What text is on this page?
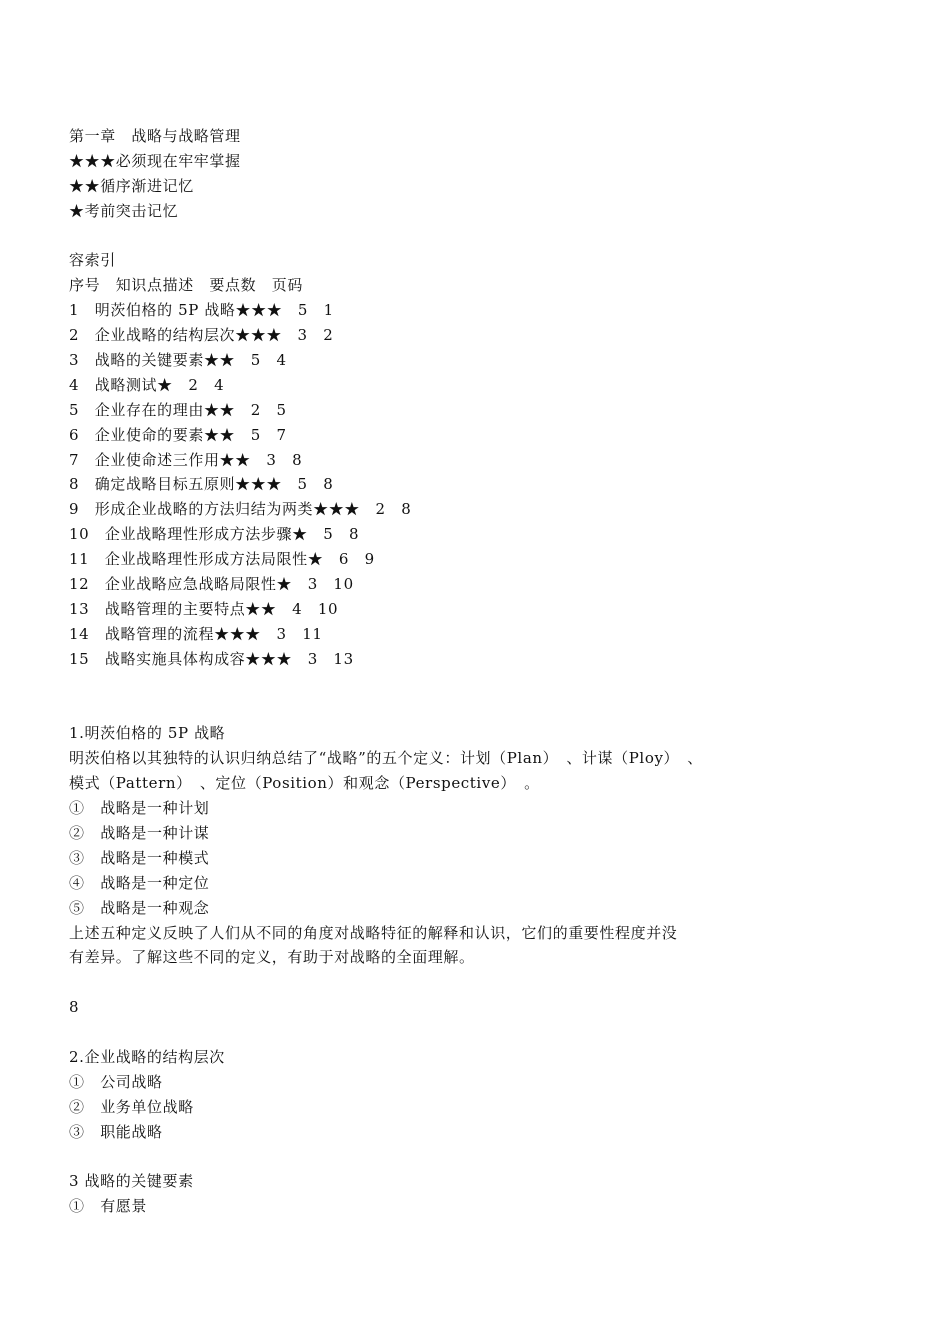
第一章　战略与战略管理
★★★必须现在牢牢掌握
★★循序渐进记忆
★考前突击记忆
容索引
序号　知识点描述　要点数　页码
1　明茨伯格的 5P 战略★★★　5　1
2　企业战略的结构层次★★★　3　2
3　战略的关键要素★★　5　4
4　战略测试★　2　4
5　企业存在的理由★★　2　5
6　企业使命的要素★★　5　7
7　企业使命述三作用★★　3　8
8　确定战略目标五原则★★★　5　8
9　形成企业战略的方法归结为两类★★★　2　8
10　企业战略理性形成方法步骤★　5　8
11　企业战略理性形成方法局限性★　6　9
12　企业战略应急战略局限性★　3　10
13　战略管理的主要特点★★　4　10
14　战略管理的流程★★★　3　11
15　战略实施具体构成容★★★　3　13
1.明茨伯格的 5P 战略
明茨伯格以其独特的认识归纳总结了“战略”的五个定义：计划（Plan）　、计谋（Ploy）　、
模式（Pattern）　、定位（Position）和观念（Perspective）　。
①　战略是一种计划
②　战略是一种计谋
③　战略是一种模式
④　战略是一种定位
⑤　战略是一种观念
上述五种定义反映了人们从不同的角度对战略特征的解释和认识，它们的重要性程度并没
有差异。了解这些不同的定义，有助于对战略的全面理解。
8
2.企业战略的结构层次
①　公司战略
②　业务单位战略
③　职能战略
3 战略的关键要素
①　有愿景
